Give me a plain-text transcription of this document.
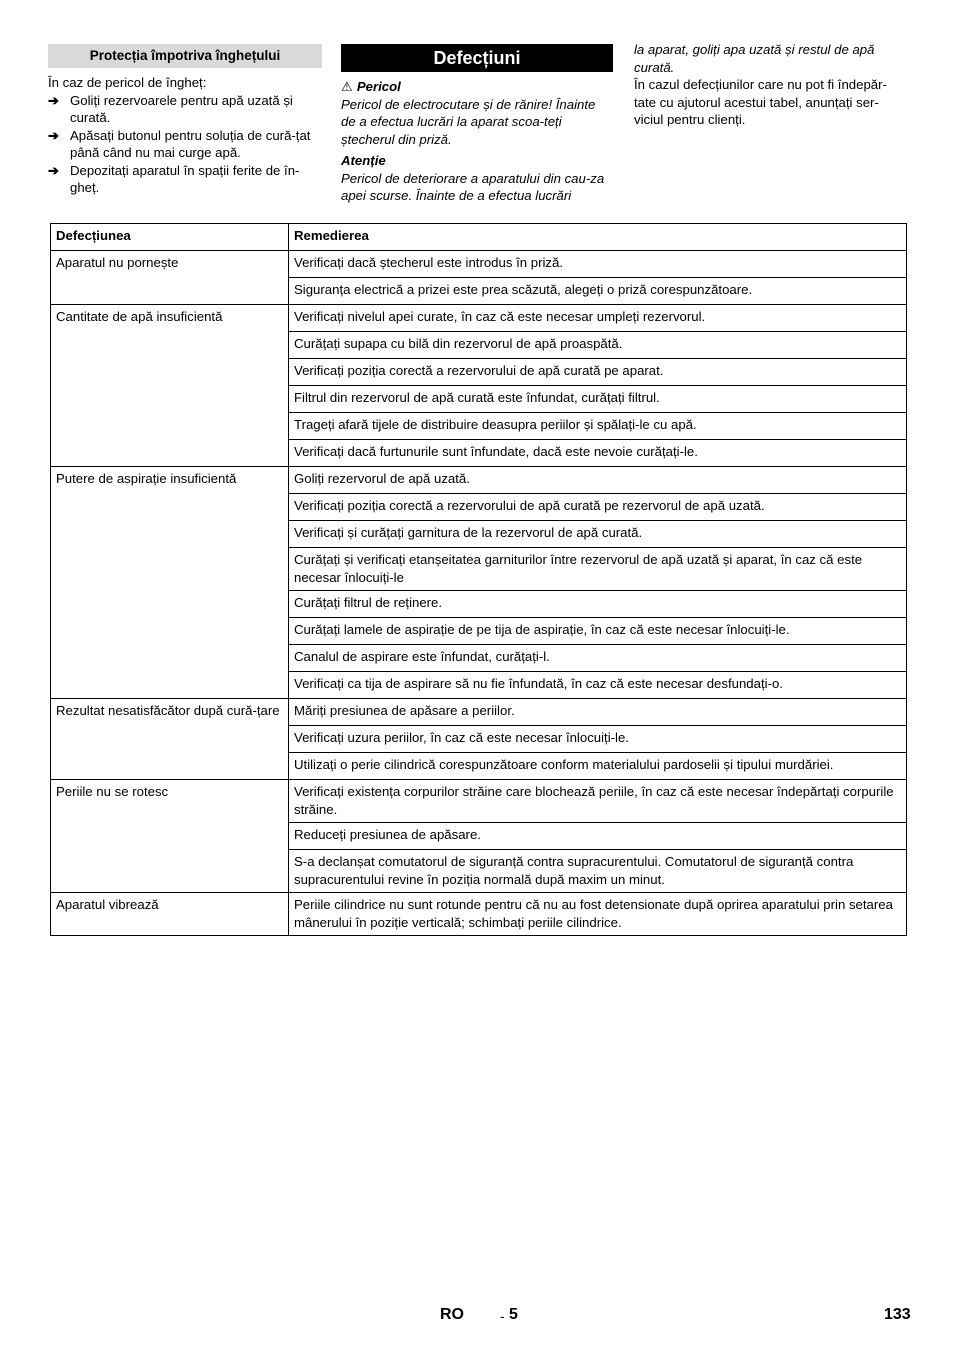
Protecția împotriva înghețului

În caz de pericol de îngheț:

➔ Goliți rezervoarele pentru apă uzată și curată.
➔ Apăsați butonul pentru soluția de cură-țat până când nu mai curge apă.
➔ Depozitați aparatul în spații ferite de în-gheț.
Defecțiuni

⚠ Pericol

Pericol de electrocutare și de rănire! Înainte de a efectua lucrări la aparat scoa-teți ștecherul din priză.

Atenție

Pericol de deteriorare a aparatului din cau-za apei scurse. Înainte de a efectua lucrări

la aparat, goliți apa uzată și restul de apă curată.

În cazul defecțiunilor care nu pot fi îndepăr-tate cu ajutorul acestui tabel, anunțați ser-viciul pentru clienți.

Defecțiunea	Remedierea
Aparatul nu pornește	Verificați dacă ștecherul este introdus în priză.
	Siguranța electrică a prizei este prea scăzută, alegeți o priză corespunzătoare.
Cantitate de apă insuficientă	Verificați nivelul apei curate, în caz că este necesar umpleți rezervorul.
	Curățați supapa cu bilă din rezervorul de apă proaspătă.
	Verificați poziția corectă a rezervorului de apă curată pe aparat.
	Filtrul din rezervorul de apă curată este înfundat, curățați filtrul.
	Trageți afară tijele de distribuire deasupra periilor și spălați-le cu apă.
	Verificați dacă furtunurile sunt înfundate, dacă este nevoie curățați-le.
Putere de aspirație insuficientă	Goliți rezervorul de apă uzată.
	Verificați poziția corectă a rezervorului de apă curată pe rezervorul de apă uzată.
	Verificați și curățați garnitura de la rezervorul de apă curată.
	Curățați și verificați etanșeitatea garniturilor între rezervorul de apă uzată și aparat, în caz că este necesar înlocuiți-le
	Curățați filtrul de reținere.
	Curățați lamele de aspirație de pe tija de aspirație, în caz că este necesar înlocuiți-le.
	Canalul de aspirare este înfundat, curățați-l.
	Verificați ca tija de aspirare să nu fie înfundată, în caz că este necesar desfundați-o.
Rezultat nesatisfăcător după cură-țare	Măriți presiunea de apăsare a periilor.
	Verificați uzura periilor, în caz că este necesar înlocuiți-le.
	Utilizați o perie cilindrică corespunzătoare conform materialului pardoselii și tipului murdăriei.
Periile nu se rotesc	Verificați existența corpurilor străine care blochează periile, în caz că este necesar îndepărtați corpurile străine.
	Reduceți presiunea de apăsare.
	S-a declanșat comutatorul de siguranță contra supracurentului. Comutatorul de siguranță contra supracurentului revine în poziția normală după maxim un minut.
Aparatul vibrează	Periile cilindrice nu sunt rotunde pentru că nu au fost detensionate după oprirea aparatului prin setarea mânerului în poziție verticală; schimbați periile cilindrice.
RO	- 5	133
